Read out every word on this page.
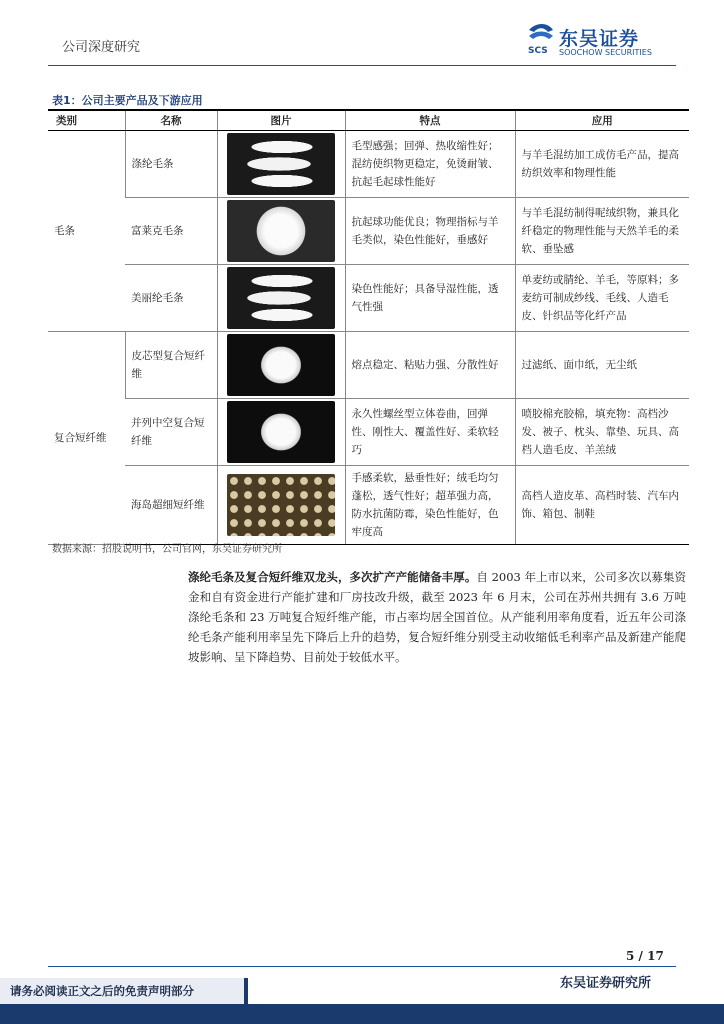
公司深度研究	SCS
东吴证券
SOOCHOW SECURITIES
表1：公司主要产品及下游应用
类别	名称	图片	特点	应用
毛条	涤纶毛条		毛型感强；回弹、热收缩性好；混纺使织物更稳定，免烫耐皱、抗起毛起球性能好	与羊毛混纺加工成仿毛产品，提高纺织效率和物理性能
	富莱克毛条		抗起球功能优良；物理指标与羊毛类似，染色性能好，垂感好	与羊毛混纺制得呢绒织物，兼具化纤稳定的物理性能与天然羊毛的柔软、垂坠感
	美丽纶毛条		染色性能好；具备导湿性能，透气性强	单麦纺或腈纶、羊毛，等原料；多麦纺可制成纱线、毛线、人造毛皮、针织品等化纤产品
复合短纤维	皮芯型复合短纤维		熔点稳定、粘贴力强、分散性好	过滤纸、面巾纸，无尘纸
	并列中空复合短纤维		永久性螺丝型立体卷曲，回弹性、刚性大、覆盖性好、柔软轻巧	喷胶棉充胶棉，填充物：高档沙发、被子、枕头、靠垫、玩具、高档人造毛皮、羊羔绒
	海岛超细短纤维		手感柔软，悬垂性好；绒毛均匀蓬松，透气性好；超革强力高，防水抗菌防霉，染色性能好，色牢度高	高档人造皮革、高档时装、汽车内饰、箱包、制鞋
数据来源：招股说明书，公司官网，东吴证券研究所
涤纶毛条及复合短纤维双龙头，多次扩产产能储备丰厚。自 2003 年上市以来，公司多次以募集资金和自有资金进行产能扩建和厂房技改升级，截至 2023 年 6 月末，公司在苏州共拥有 3.6 万吨涤纶毛条和 23 万吨复合短纤维产能，市占率均居全国首位。从产能利用率角度看，近五年公司涤纶毛条产能利用率呈先下降后上升的趋势，复合短纤维分别受主动收缩低毛利率产品及新建产能爬坡影响、呈下降趋势、目前处于较低水平。
5 / 17
东吴证券研究所
请务必阅读正文之后的免责声明部分
